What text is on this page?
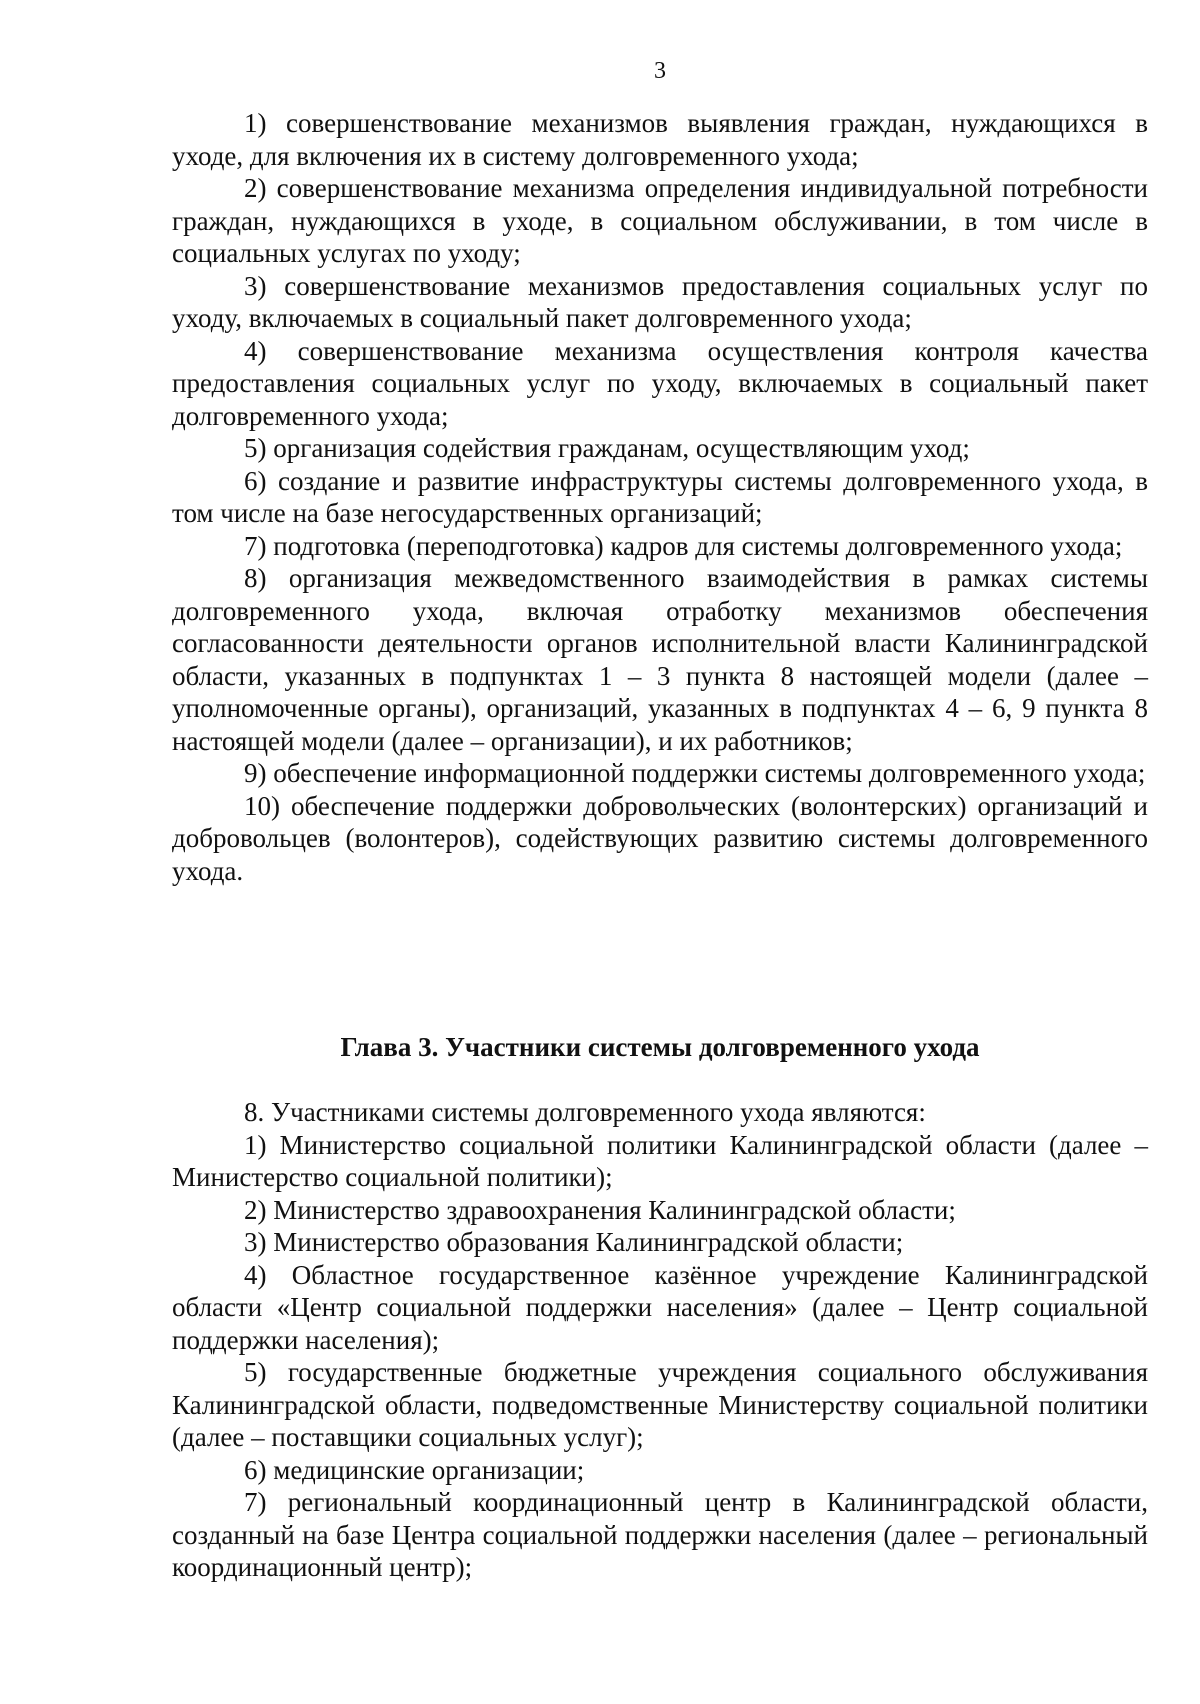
3

1) совершенствование механизмов выявления граждан, нуждающихся в уходе, для включения их в систему долговременного ухода;

2) совершенствование механизма определения индивидуальной потребности граждан, нуждающихся в уходе, в социальном обслуживании, в том числе в социальных услугах по уходу;

3) совершенствование механизмов предоставления социальных услуг по уходу, включаемых в социальный пакет долговременного ухода;

4) совершенствование механизма осуществления контроля качества предоставления социальных услуг по уходу, включаемых в социальный пакет долговременного ухода;

5) организация содействия гражданам, осуществляющим уход;

6) создание и развитие инфраструктуры системы долговременного ухода, в том числе на базе негосударственных организаций;

7) подготовка (переподготовка) кадров для системы долговременного ухода;

8) организация межведомственного взаимодействия в рамках системы долговременного ухода, включая отработку механизмов обеспечения согласованности деятельности органов исполнительной власти Калининградской области, указанных в подпунктах 1 – 3 пункта 8 настоящей модели (далее – уполномоченные органы), организаций, указанных в подпунктах 4 – 6, 9 пункта 8 настоящей модели (далее – организации), и их работников;

9) обеспечение информационной поддержки системы долговременного ухода;

10) обеспечение поддержки добровольческих (волонтерских) организаций и добровольцев (волонтеров), содействующих развитию системы долговременного ухода.

Глава 3. Участники системы долговременного ухода

8. Участниками системы долговременного ухода являются:

1) Министерство социальной политики Калининградской области (далее – Министерство социальной политики);

2) Министерство здравоохранения Калининградской области;

3) Министерство образования Калининградской области;

4) Областное государственное казённое учреждение Калининградской области «Центр социальной поддержки населения» (далее – Центр социальной поддержки населения);

5) государственные бюджетные учреждения социального обслуживания Калининградской области, подведомственные Министерству социальной политики (далее – поставщики социальных услуг);

6) медицинские организации;

7) региональный координационный центр в Калининградской области, созданный на базе Центра социальной поддержки населения (далее – региональный координационный центр);
